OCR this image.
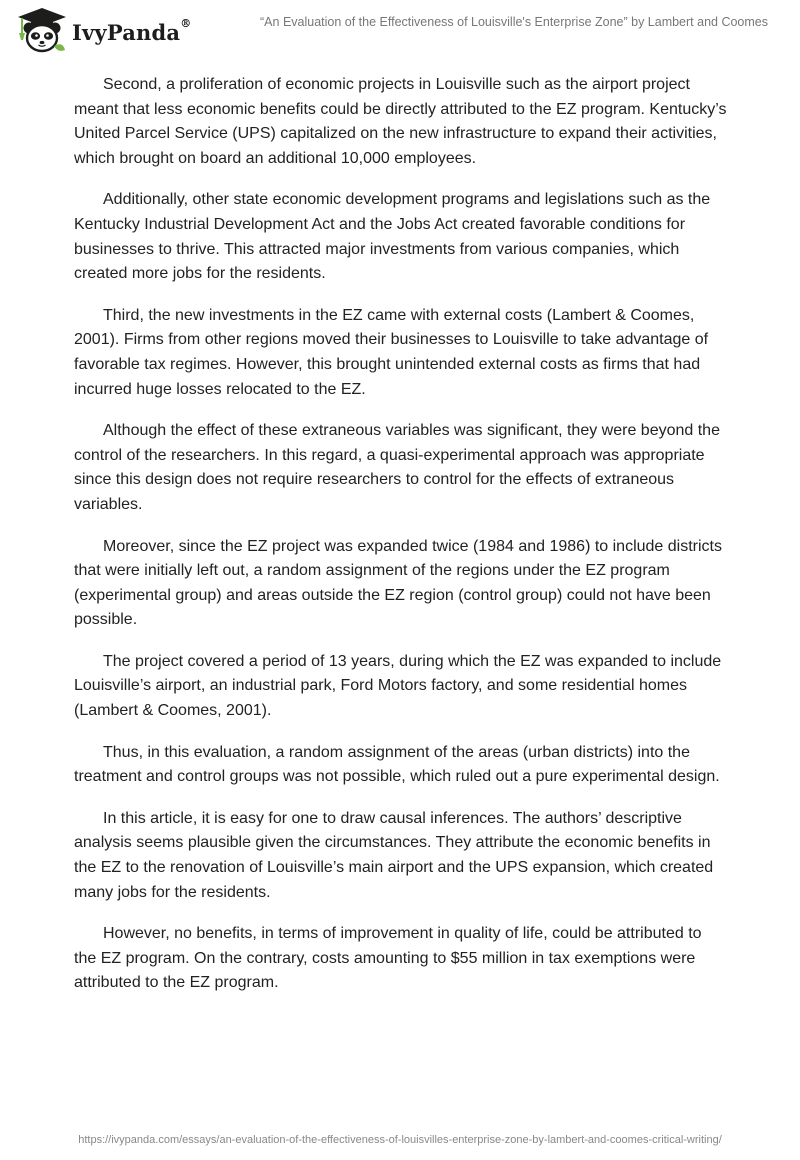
IvyPanda®	“An Evaluation of the Effectiveness of Louisville's Enterprise Zone” by Lambert and Coomes

Second, a proliferation of economic projects in Louisville such as the airport project meant that less economic benefits could be directly attributed to the EZ program. Kentucky’s United Parcel Service (UPS) capitalized on the new infrastructure to expand their activities, which brought on board an additional 10,000 employees.

Additionally, other state economic development programs and legislations such as the Kentucky Industrial Development Act and the Jobs Act created favorable conditions for businesses to thrive. This attracted major investments from various companies, which created more jobs for the residents.

Third, the new investments in the EZ came with external costs (Lambert & Coomes, 2001). Firms from other regions moved their businesses to Louisville to take advantage of favorable tax regimes. However, this brought unintended external costs as firms that had incurred huge losses relocated to the EZ.

Although the effect of these extraneous variables was significant, they were beyond the control of the researchers. In this regard, a quasi-experimental approach was appropriate since this design does not require researchers to control for the effects of extraneous variables.

Moreover, since the EZ project was expanded twice (1984 and 1986) to include districts that were initially left out, a random assignment of the regions under the EZ program (experimental group) and areas outside the EZ region (control group) could not have been possible.

The project covered a period of 13 years, during which the EZ was expanded to include Louisville’s airport, an industrial park, Ford Motors factory, and some residential homes (Lambert & Coomes, 2001).

Thus, in this evaluation, a random assignment of the areas (urban districts) into the treatment and control groups was not possible, which ruled out a pure experimental design.

In this article, it is easy for one to draw causal inferences. The authors’ descriptive analysis seems plausible given the circumstances. They attribute the economic benefits in the EZ to the renovation of Louisville’s main airport and the UPS expansion, which created many jobs for the residents.

However, no benefits, in terms of improvement in quality of life, could be attributed to the EZ program. On the contrary, costs amounting to $55 million in tax exemptions were attributed to the EZ program.

https://ivypanda.com/essays/an-evaluation-of-the-effectiveness-of-louisvilles-enterprise-zone-by-lambert-and-coomes-critical-writing/
